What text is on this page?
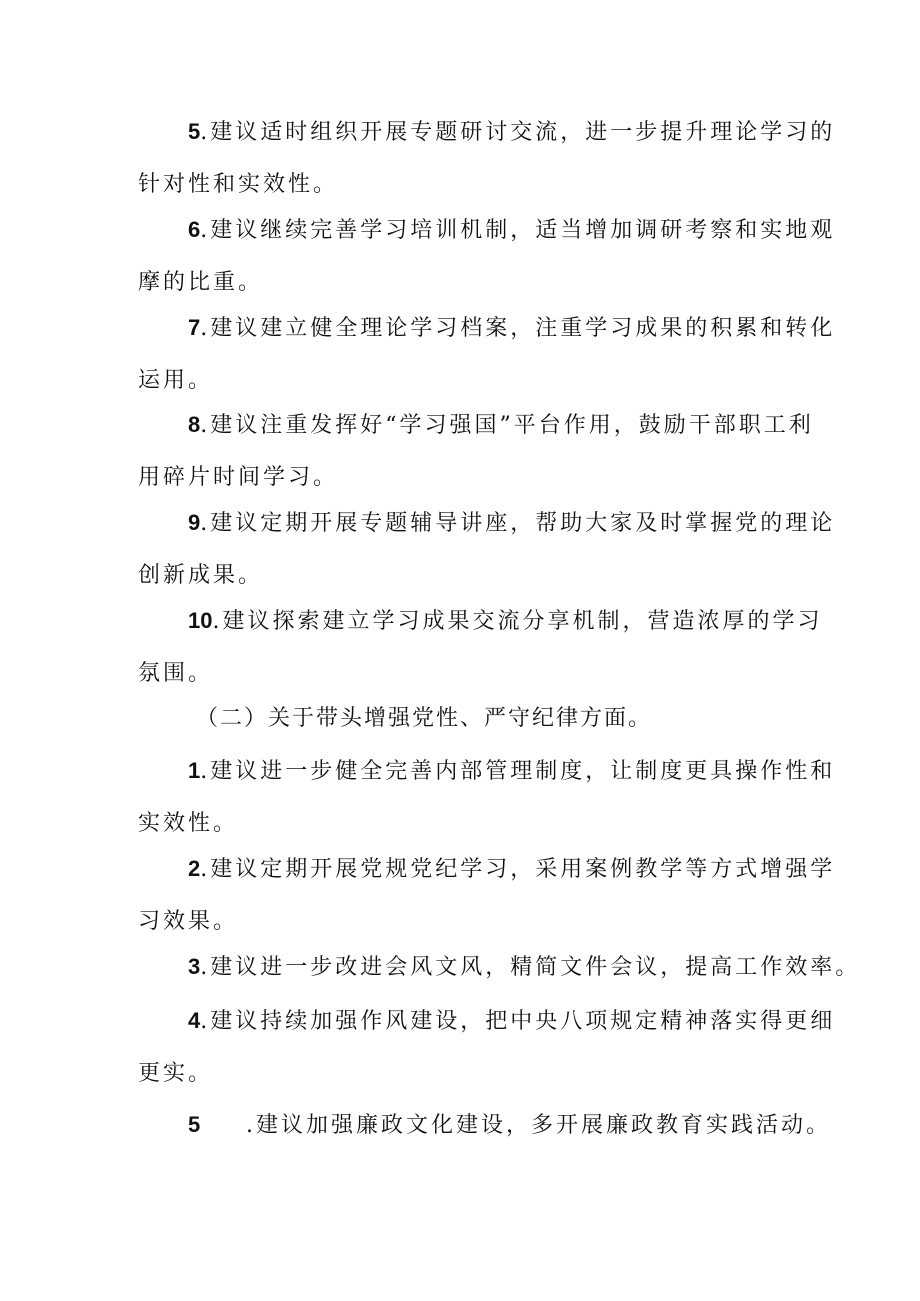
5.建议适时组织开展专题研讨交流，进一步提升理论学习的
针对性和实效性。
6.建议继续完善学习培训机制，适当增加调研考察和实地观
摩的比重。
7.建议建立健全理论学习档案，注重学习成果的积累和转化
运用。
8.建议注重发挥好“学习强国”平台作用，鼓励干部职工利
用碎片时间学习。
9.建议定期开展专题辅导讲座，帮助大家及时掌握党的理论
创新成果。
10.建议探索建立学习成果交流分享机制，营造浓厚的学习
氛围。
（二）关于带头增强党性、严守纪律方面。
1.建议进一步健全完善内部管理制度，让制度更具操作性和
实效性。
2.建议定期开展党规党纪学习，采用案例教学等方式增强学
习效果。
3.建议进一步改进会风文风，精简文件会议，提高工作效率。
4.建议持续加强作风建设，把中央八项规定精神落实得更细
更实。
5 .建议加强廉政文化建设，多开展廉政教育实践活动。
